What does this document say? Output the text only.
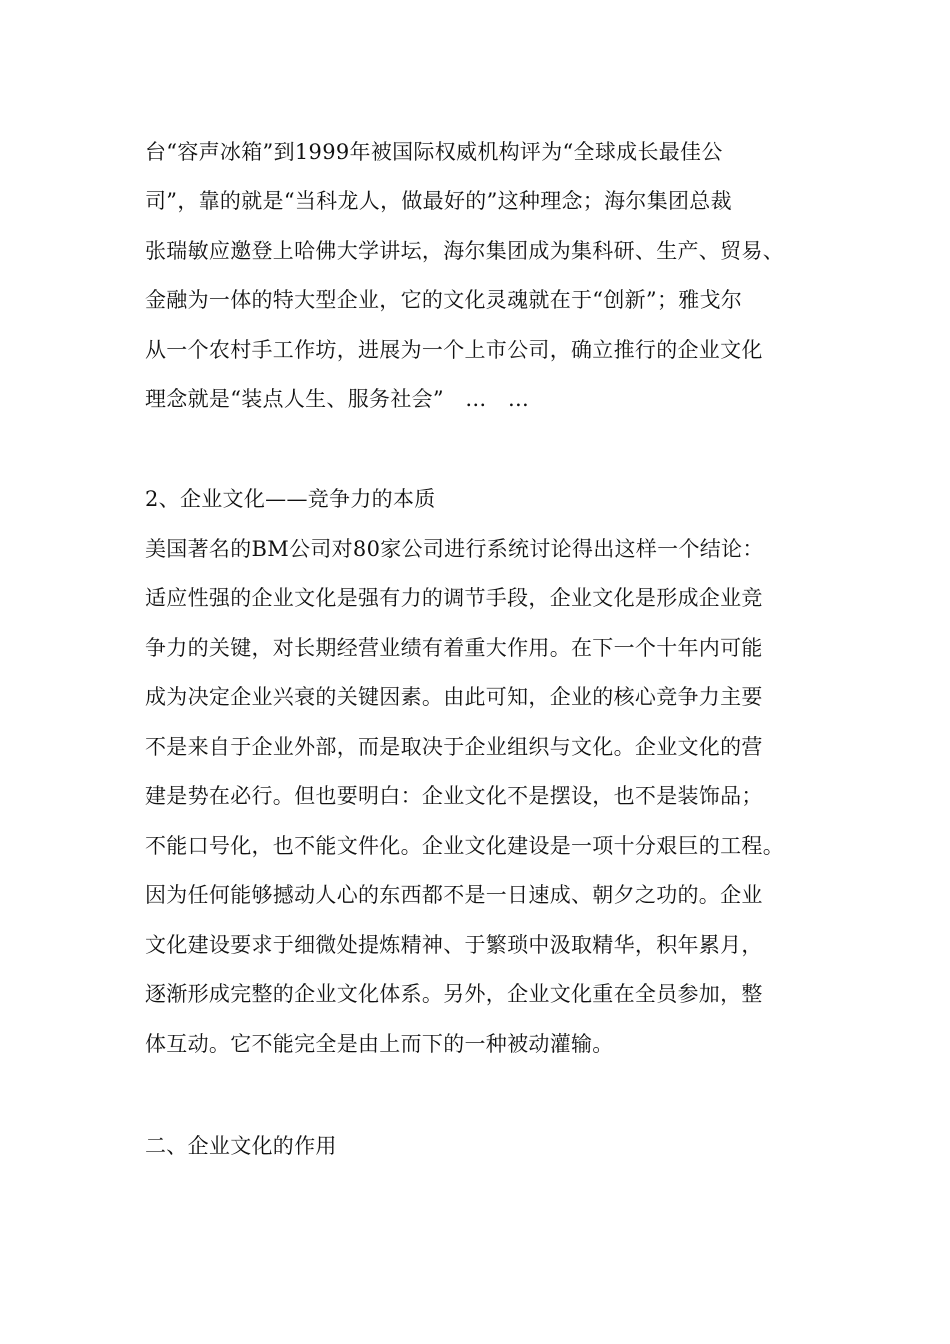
台“容声冰箱”到1999年被国际权威机构评为“全球成长最佳公
司”，靠的就是“当科龙人，做最好的”这种理念；海尔集团总裁
张瑞敏应邀登上哈佛大学讲坛，海尔集团成为集科研、生产、贸易、
金融为一体的特大型企业，它的文化灵魂就在于“创新”；雅戈尔
从一个农村手工作坊，进展为一个上市公司，确立推行的企业文化
理念就是“装点人生、服务社会”　…　…
2、企业文化——竞争力的本质
美国著名的BM公司对80家公司进行系统讨论得出这样一个结论：
适应性强的企业文化是强有力的调节手段，企业文化是形成企业竞
争力的关键，对长期经营业绩有着重大作用。在下一个十年内可能
成为决定企业兴衰的关键因素。由此可知，企业的核心竞争力主要
不是来自于企业外部，而是取决于企业组织与文化。企业文化的营
建是势在必行。但也要明白：企业文化不是摆设，也不是装饰品；
不能口号化，也不能文件化。企业文化建设是一项十分艰巨的工程。
因为任何能够撼动人心的东西都不是一日速成、朝夕之功的。企业
文化建设要求于细微处提炼精神、于繁琐中汲取精华，积年累月，
逐渐形成完整的企业文化体系。另外，企业文化重在全员参加，整
体互动。它不能完全是由上而下的一种被动灌输。
二、企业文化的作用
